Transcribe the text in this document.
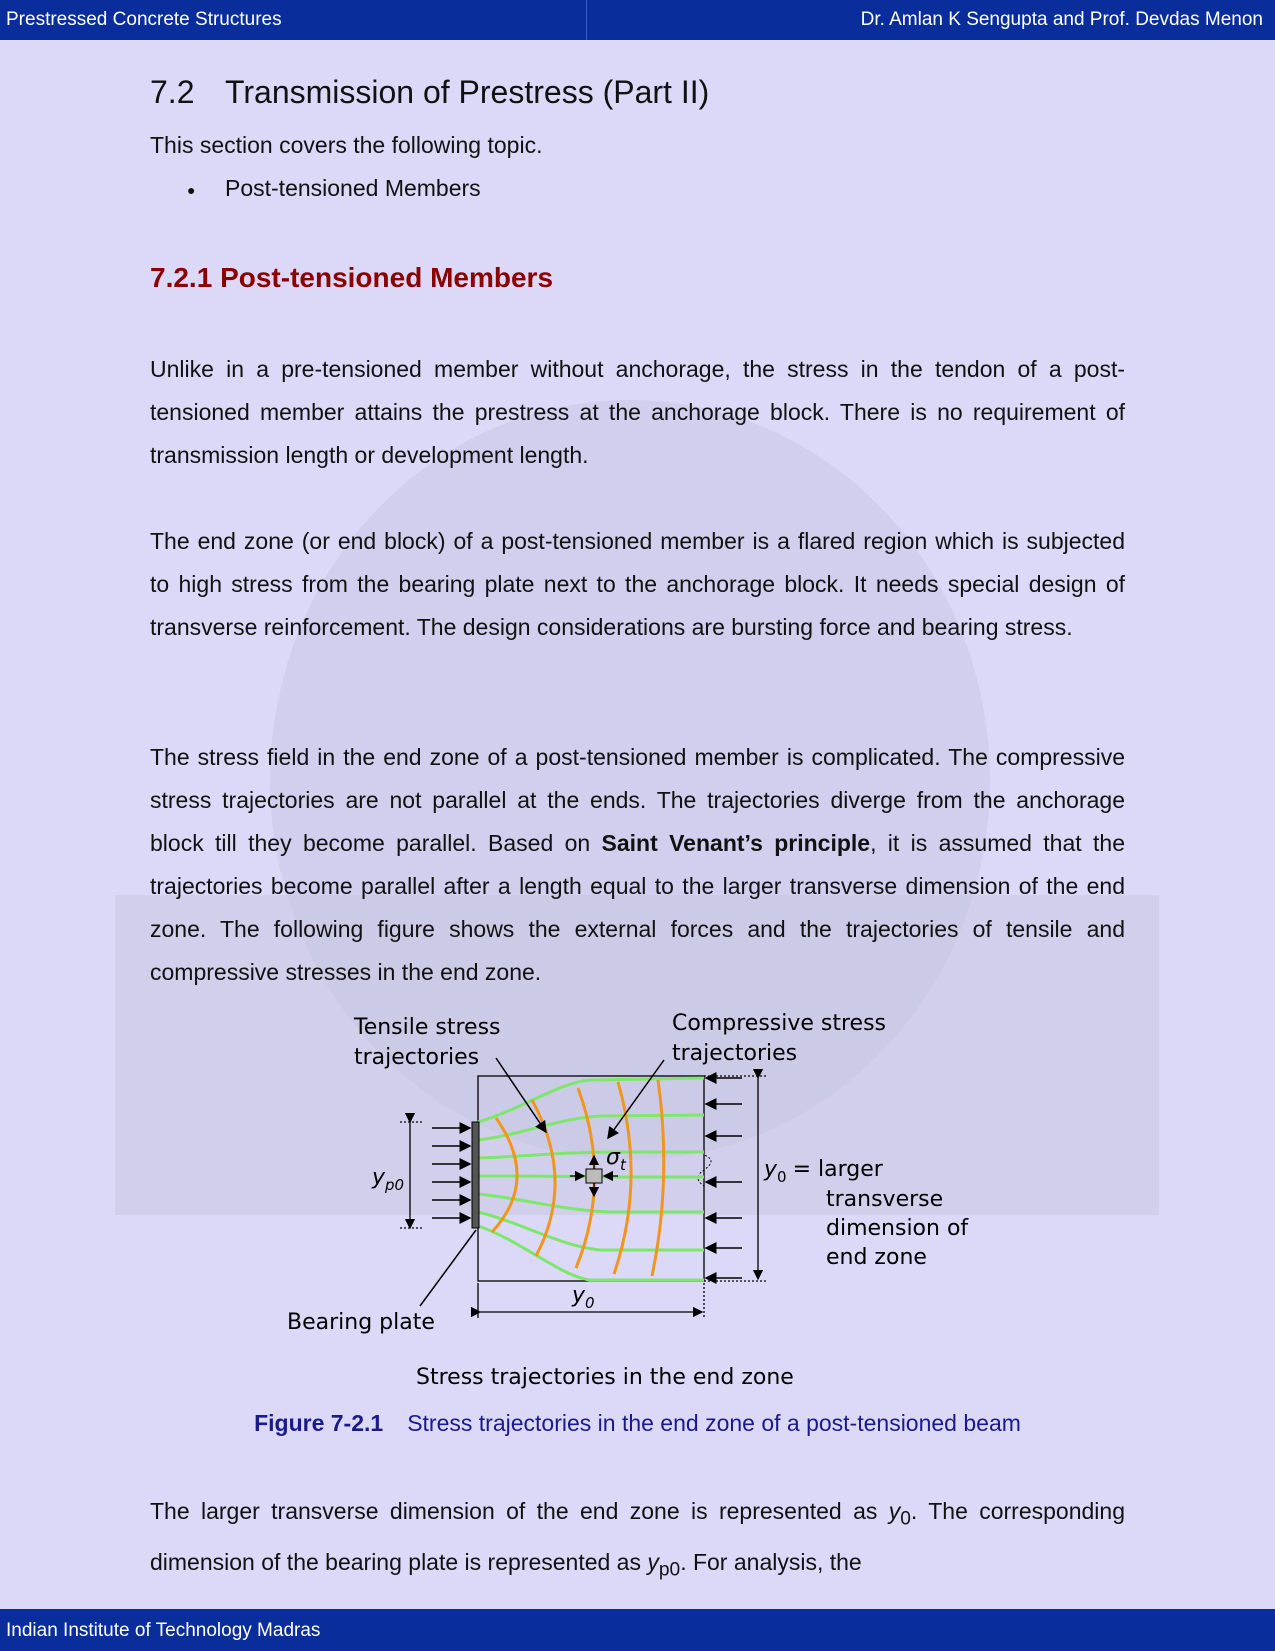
Prestressed Concrete Structures	Dr. Amlan K Sengupta and Prof. Devdas Menon
7.2 Transmission of Prestress (Part II)
This section covers the following topic.
● Post-tensioned Members
7.2.1 Post-tensioned Members
Unlike in a pre-tensioned member without anchorage, the stress in the tendon of a post-tensioned member attains the prestress at the anchorage block. There is no requirement of transmission length or development length.
The end zone (or end block) of a post-tensioned member is a flared region which is subjected to high stress from the bearing plate next to the anchorage block. It needs special design of transverse reinforcement. The design considerations are bursting force and bearing stress.
The stress field in the end zone of a post-tensioned member is complicated. The compressive stress trajectories are not parallel at the ends. The trajectories diverge from the anchorage block till they become parallel. Based on Saint Venant’s principle, it is assumed that the trajectories become parallel after a length equal to the larger transverse dimension of the end zone. The following figure shows the external forces and the trajectories of tensile and compressive stresses in the end zone.
Tensile stress
trajectories
Compressive stress
trajectories
$y_{p0}$
$\sigma_t$	$y_0$ = larger
transverse
dimension of
end zone
$y_0$
Bearing plate
Stress trajectories in the end zone
Figure 7-2.1 Stress trajectories in the end zone of a post-tensioned beam
The larger transverse dimension of the end zone is represented as $y_0$. The corresponding dimension of the bearing plate is represented as $y_{p0}$. For analysis, the
Indian Institute of Technology Madras
